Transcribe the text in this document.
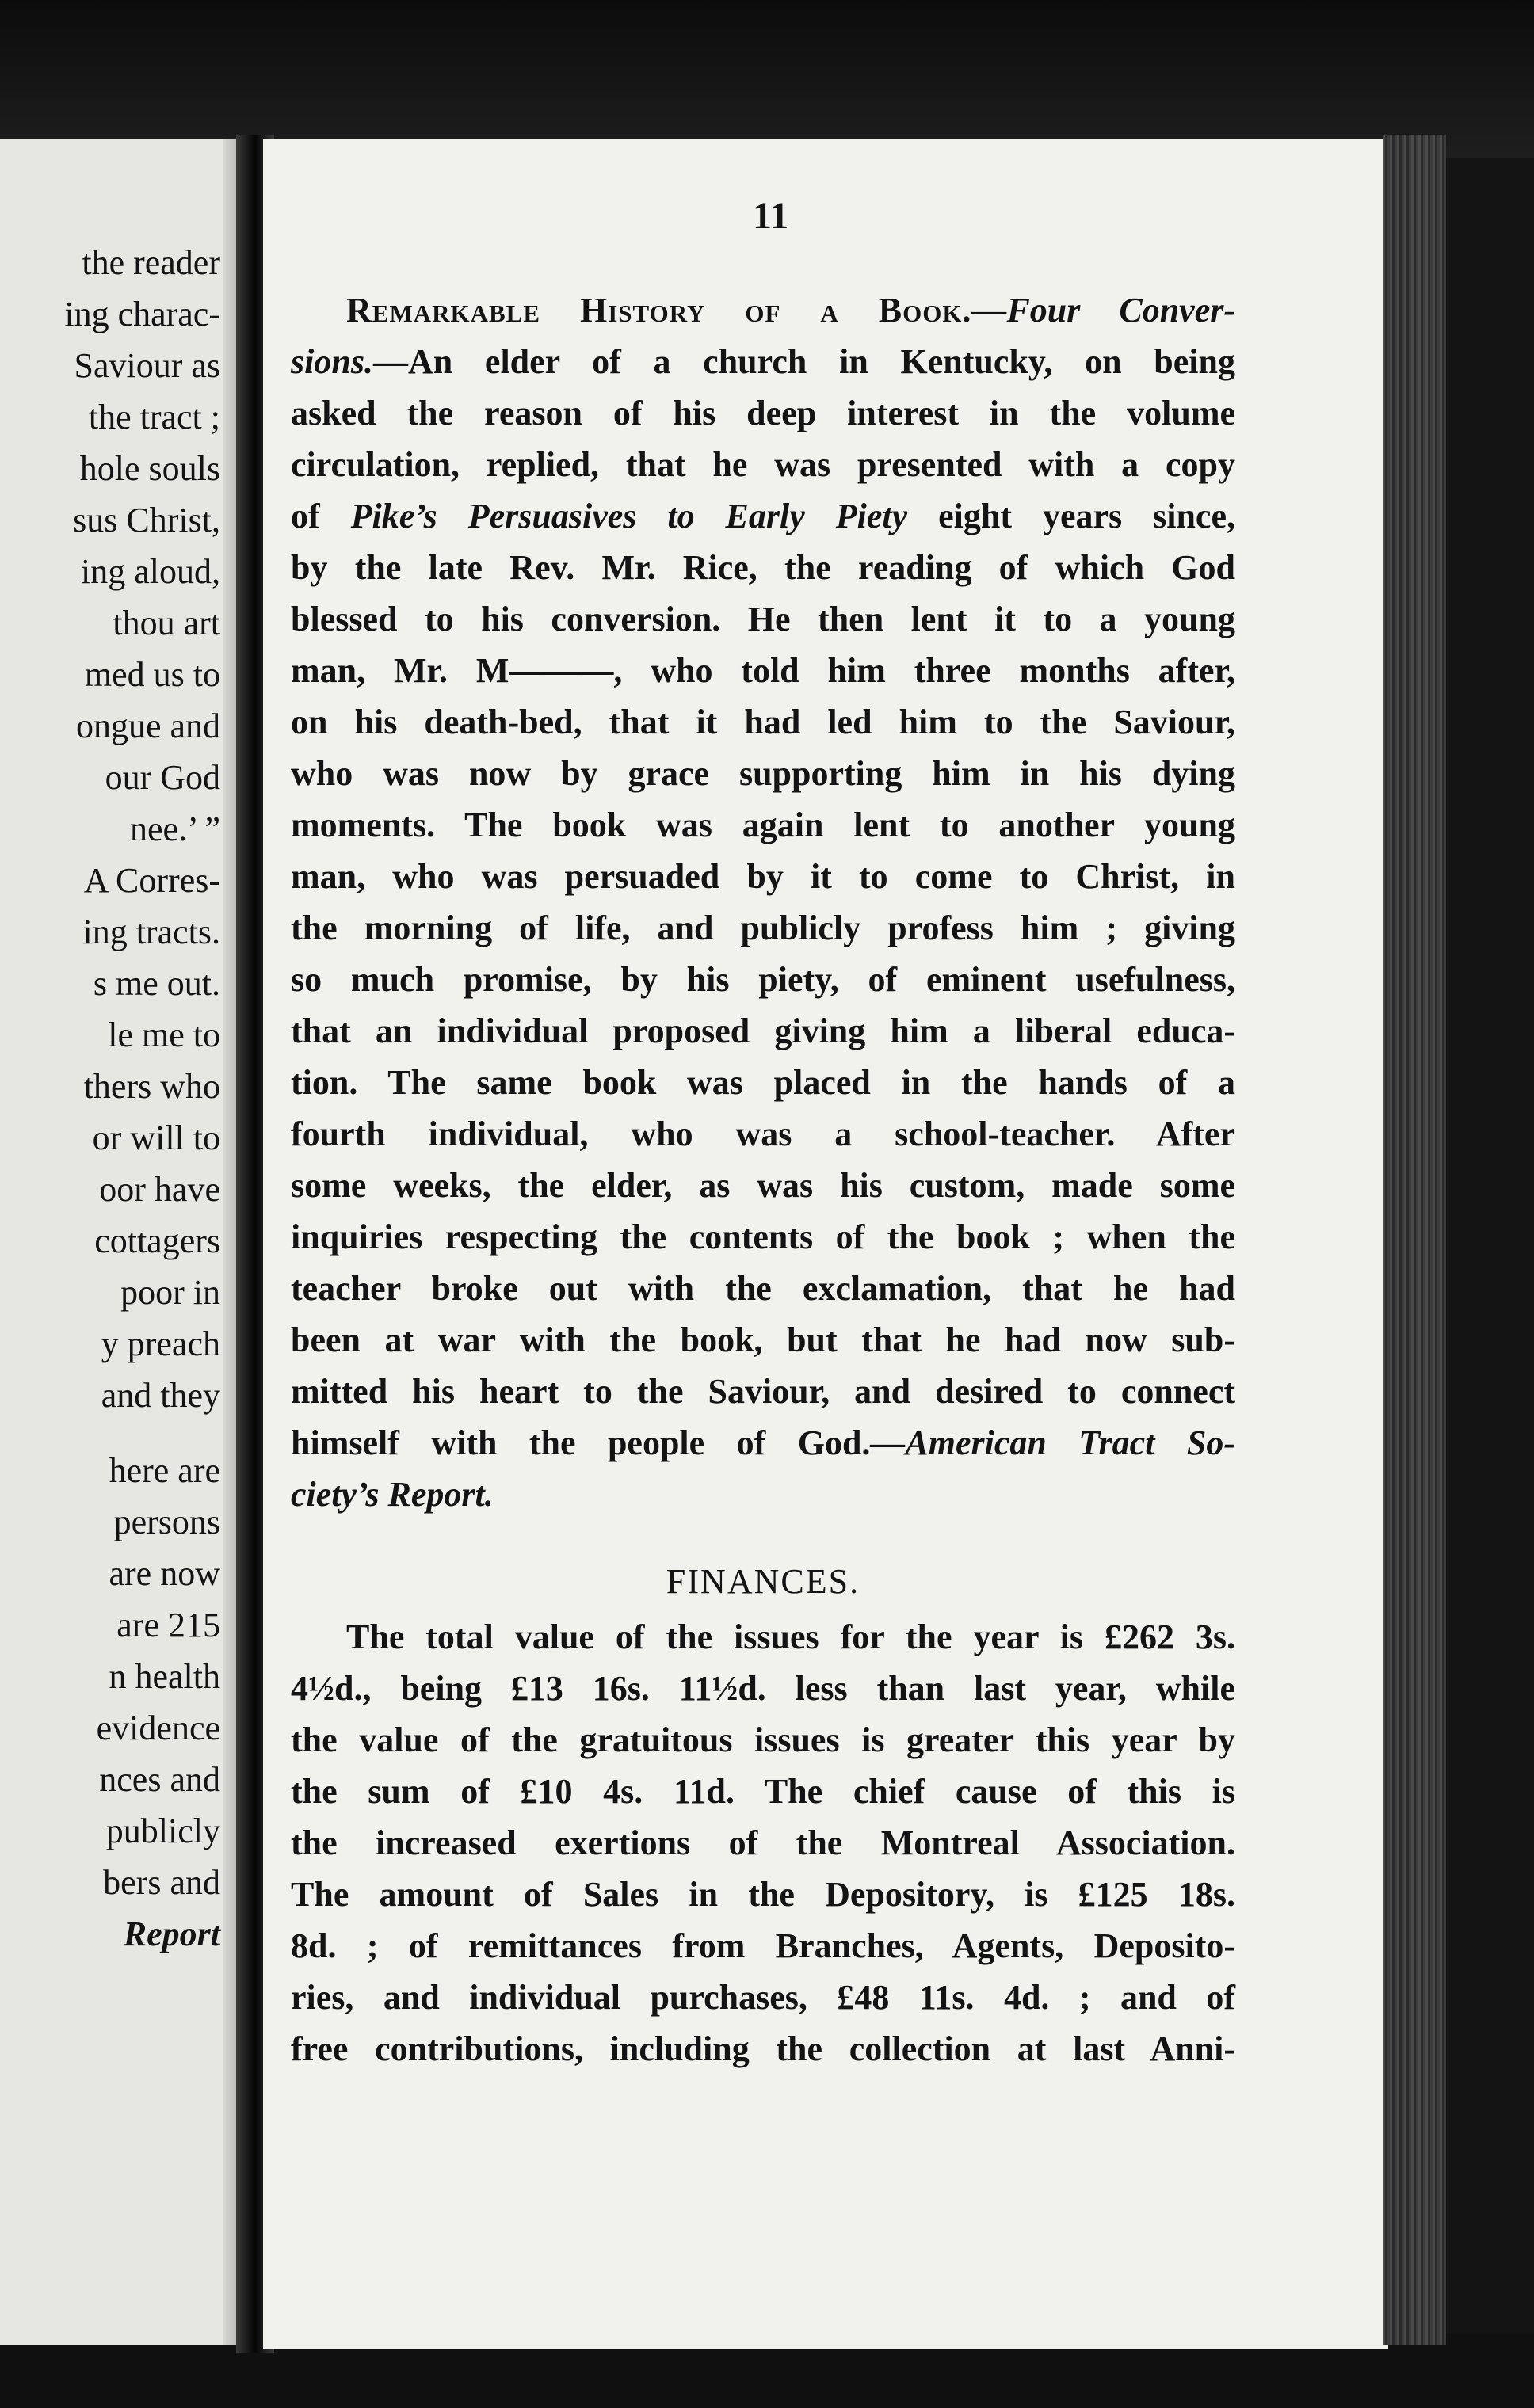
the reader
ing charac-
Saviour as
the tract ;
hole souls
sus Christ,
ing aloud,
thou art
med us to
ongue and
our God
nee.’ ”
A Corres-
ing tracts.
s me out.
le me to
thers who
or will to
oor have
cottagers
poor in
y preach
and they
here are
persons
are now
are 215
n health
evidence
nces and
publicly
bers and
Report
11
Remarkable History of a Book.—Four Conver-
sions.—An elder of a church in Kentucky, on being
asked the reason of his deep interest in the volume
circulation, replied, that he was presented with a copy
of Pike’s Persuasives to Early Piety eight years since,
by the late Rev. Mr. Rice, the reading of which God
blessed to his conversion. He then lent it to a young
man, Mr. M———, who told him three months after,
on his death-bed, that it had led him to the Saviour,
who was now by grace supporting him in his dying
moments. The book was again lent to another young
man, who was persuaded by it to come to Christ, in
the morning of life, and publicly profess him ; giving
so much promise, by his piety, of eminent usefulness,
that an individual proposed giving him a liberal educa-
tion. The same book was placed in the hands of a
fourth individual, who was a school-teacher. After
some weeks, the elder, as was his custom, made some
inquiries respecting the contents of the book ; when the
teacher broke out with the exclamation, that he had
been at war with the book, but that he had now sub-
mitted his heart to the Saviour, and desired to connect
himself with the people of God.—American Tract So-
ciety’s Report.
FINANCES.
The total value of the issues for the year is £262 3s.
4½d., being £13 16s. 11½d. less than last year, while
the value of the gratuitous issues is greater this year by
the sum of £10 4s. 11d. The chief cause of this is
the increased exertions of the Montreal Association.
The amount of Sales in the Depository, is £125 18s.
8d. ; of remittances from Branches, Agents, Deposito-
ries, and individual purchases, £48 11s. 4d. ; and of
free contributions, including the collection at last Anni-
